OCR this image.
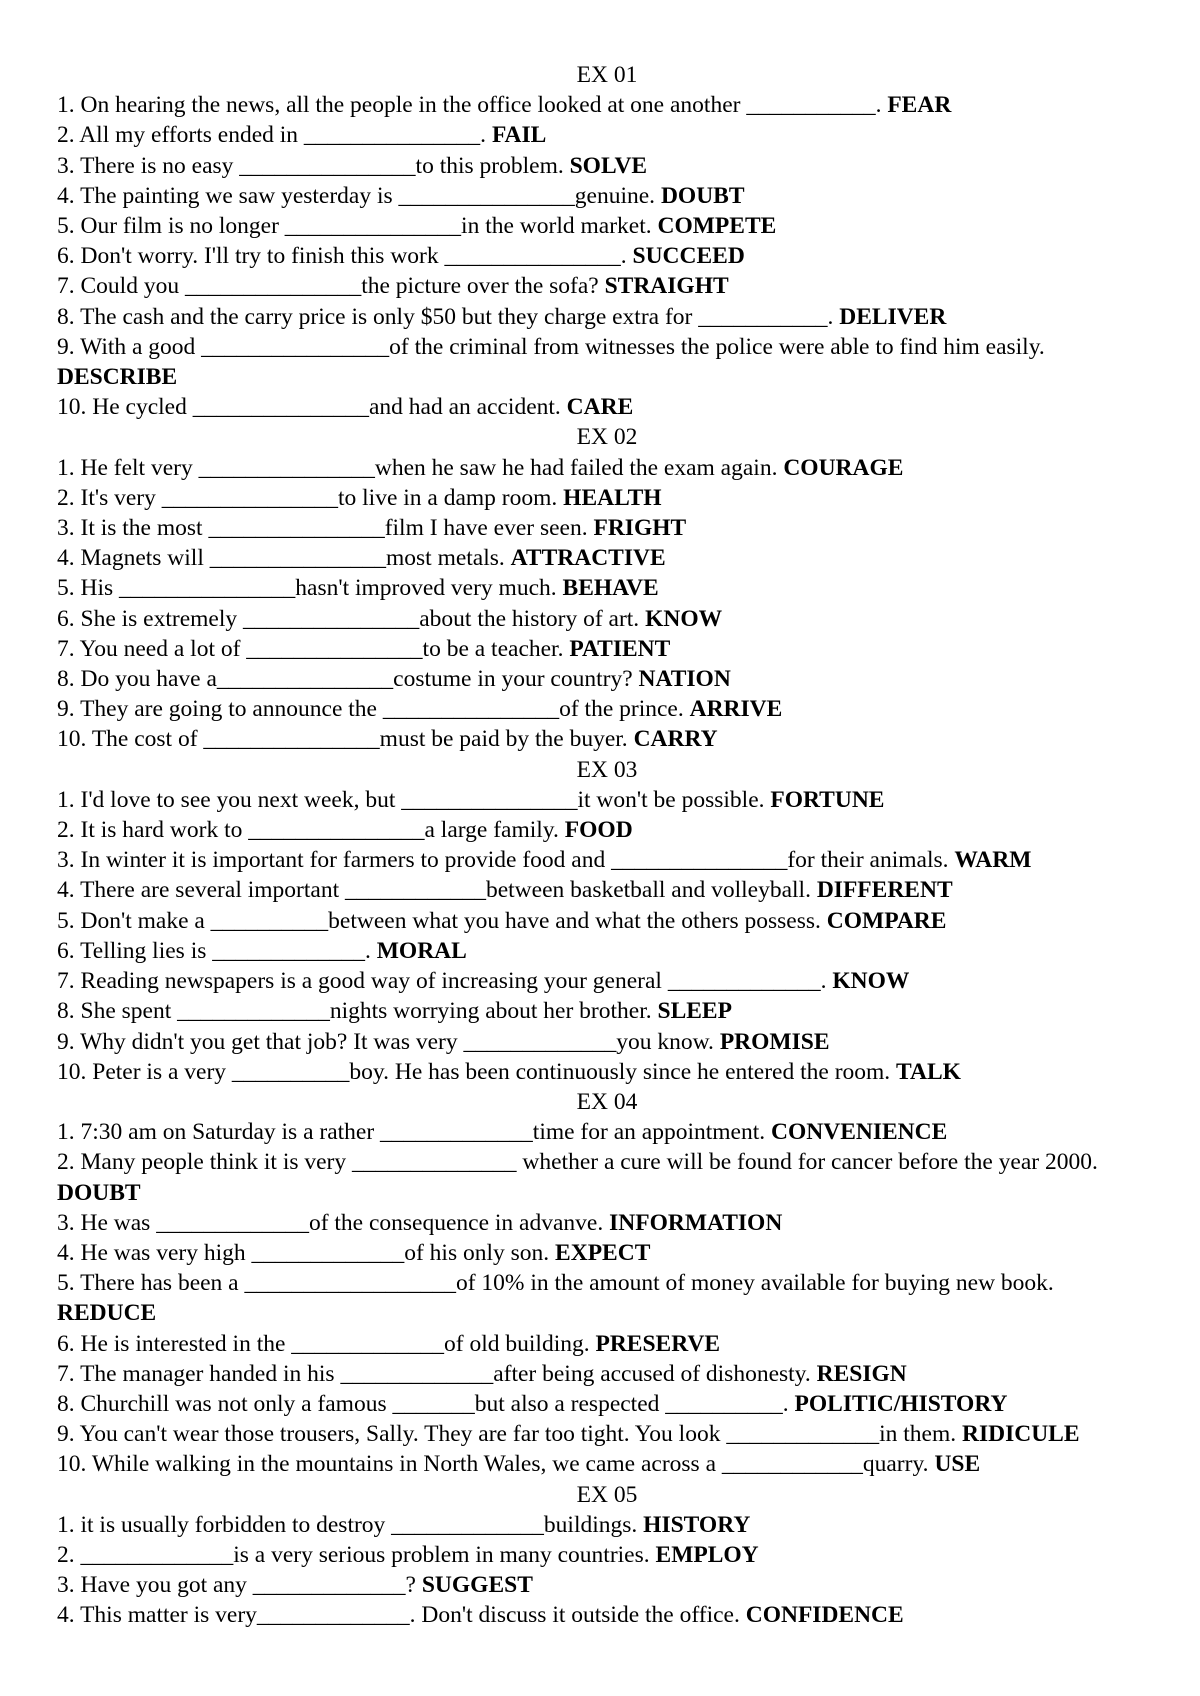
EX 01
1. On hearing the news, all the people in the office looked at one another ___________. FEAR
2. All my efforts ended in _______________. FAIL
3. There is no easy _______________to this problem. SOLVE
4. The painting we saw yesterday is _______________genuine. DOUBT
5. Our film is no longer _______________in the world market. COMPETE
6. Don't worry. I'll try to finish this work _______________. SUCCEED
7. Could you _______________the picture over the sofa? STRAIGHT
8. The cash and the carry price is only $50 but they charge extra for ___________. DELIVER
9. With a good ________________of the criminal from witnesses the police were able to find him easily. DESCRIBE
10. He cycled _______________and had an accident. CARE
EX 02
1. He felt very _______________when he saw he had failed the exam again. COURAGE
2. It's very _______________to live in a damp room. HEALTH
3. It is the most _______________film I have ever seen. FRIGHT
4. Magnets will _______________most metals. ATTRACTIVE
5. His _______________hasn't improved very much. BEHAVE
6. She is extremely _______________about the history of art. KNOW
7. You need a lot of _______________to be a teacher. PATIENT
8. Do you have a_______________costume in your country? NATION
9. They are going to announce the _______________of the prince. ARRIVE
10. The cost of _______________must be paid by the buyer. CARRY
EX 03
1. I'd love to see you next week, but _______________it won't be possible. FORTUNE
2. It is hard work to _______________a large family. FOOD
3. In winter it is important for farmers to provide food and _______________for their animals. WARM
4. There are several important ____________between basketball and volleyball. DIFFERENT
5. Don't make a __________between what you have and what the others possess. COMPARE
6. Telling lies is _____________. MORAL
7. Reading newspapers is a good way of increasing your general _____________. KNOW
8. She spent _____________nights worrying about her brother. SLEEP
9. Why didn't you get that job? It was very _____________you know. PROMISE
10. Peter is a very __________boy. He has been continuously since he entered the room. TALK
EX 04
1. 7:30 am on Saturday is a rather _____________time for an appointment. CONVENIENCE
2. Many people think it is very ______________ whether a cure will be found for cancer before the year 2000. DOUBT
3. He was _____________of the consequence in advanve. INFORMATION
4. He was very high _____________of his only son. EXPECT
5. There has been a __________________of 10% in the amount of money available for buying new book. REDUCE
6. He is interested in the _____________of old building. PRESERVE
7. The manager handed in his _____________after being accused of dishonesty. RESIGN
8. Churchill was not only a famous _______but also a respected __________. POLITIC/HISTORY
9. You can't wear those trousers, Sally. They are far too tight. You look _____________in them. RIDICULE
10. While walking in the mountains in North Wales, we came across a ____________quarry. USE
EX 05
1. it is usually forbidden to destroy _____________buildings. HISTORY
2. _____________is a very serious problem in many countries. EMPLOY
3. Have you got any _____________? SUGGEST
4. This matter is very_____________. Don't discuss it outside the office. CONFIDENCE
